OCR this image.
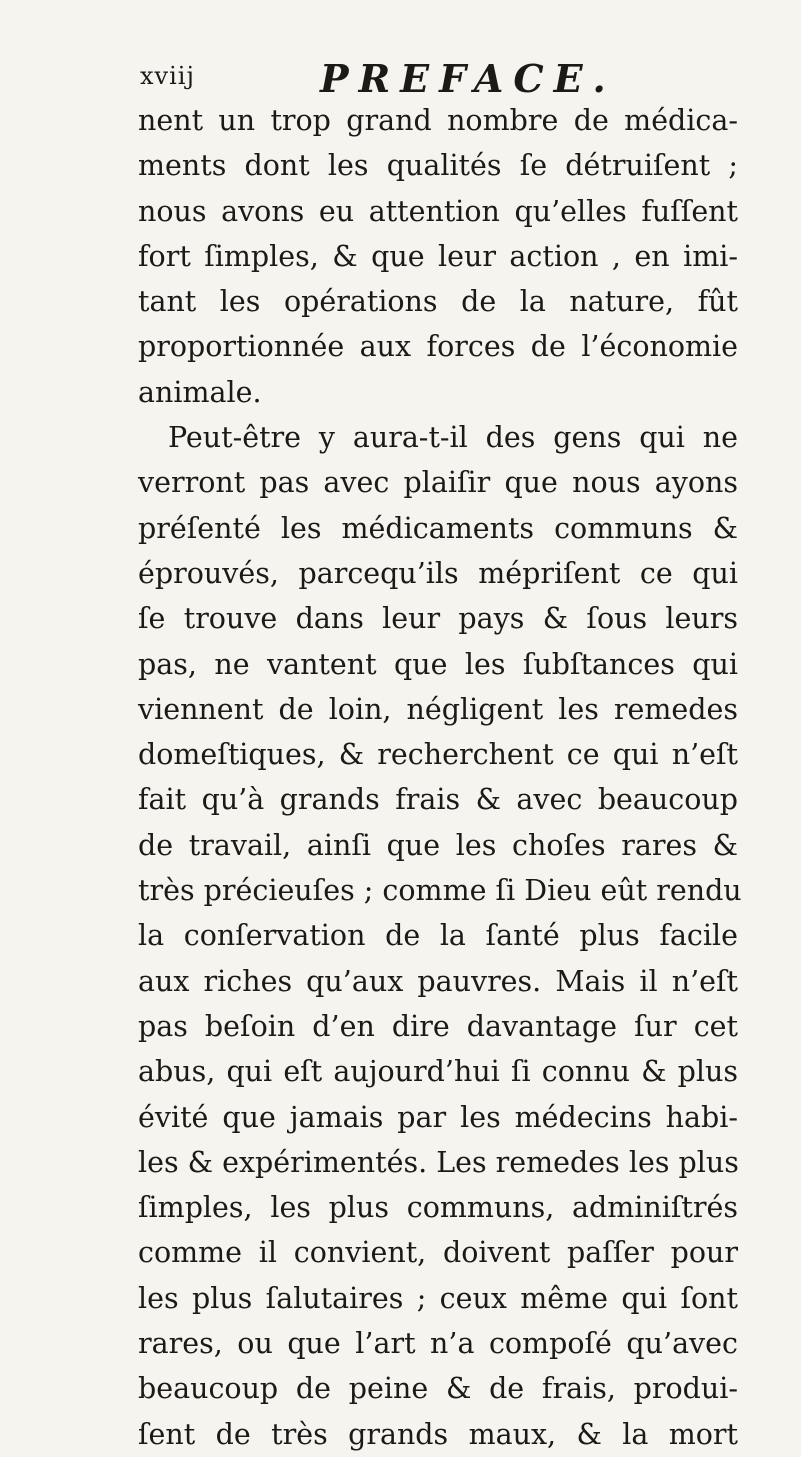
xviij	PREFACE.
nent un trop grand nombre de médica-
ments dont les qualités ſe détruiſent ;
nous avons eu attention qu’elles fuſſent
fort ſimples, & que leur action , en imi-
tant les opérations de la nature, fût
proportionnée aux forces de l’économie
animale.
Peut-être y aura-t-il des gens qui ne
verront pas avec plaiſir que nous ayons
préſenté les médicaments communs &
éprouvés, parcequ’ils mépriſent ce qui
ſe trouve dans leur pays & ſous leurs
pas, ne vantent que les ſubſtances qui
viennent de loin, négligent les remedes
domeſtiques, & recherchent ce qui n’eſt
fait qu’à grands frais & avec beaucoup
de travail, ainſi que les choſes rares &
très précieuſes ; comme ſi Dieu eût rendu
la conſervation de la ſanté plus facile
aux riches qu’aux pauvres. Mais il n’eſt
pas beſoin d’en dire davantage ſur cet
abus, qui eſt aujourd’hui ſi connu & plus
évité que jamais par les médecins habi-
les & expérimentés. Les remedes les plus
ſimples, les plus communs, adminiſtrés
comme il convient, doivent paſſer pour
les plus ſalutaires ; ceux même qui ſont
rares, ou que l’art n’a compoſé qu’avec
beaucoup de peine & de frais, produi-
ſent de très grands maux, & la mort
